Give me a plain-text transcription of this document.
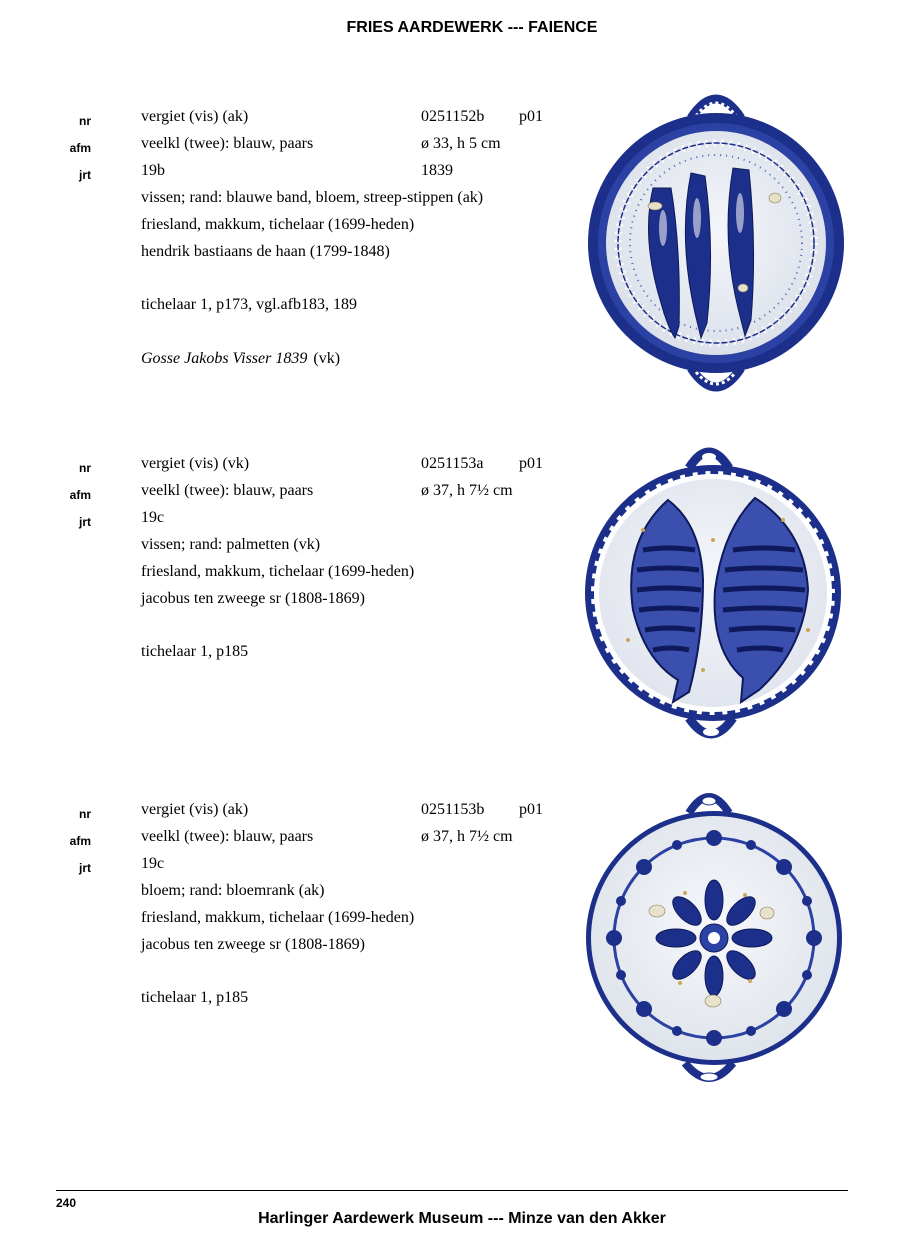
FRIES AARDEWERK --- FAIENCE
vergiet (vis) (ak)
nr	0251152b p01
veelkl (twee): blauw, paars
afm	ø 33, h 5 cm
19b
jrt	1839
vissen; rand: blauwe band, bloem, streep-stippen (ak)
friesland, makkum, tichelaar (1699-heden)
hendrik bastiaans de haan (1799-1848)
tichelaar 1, p173, vgl.afb183, 189
Gosse Jakobs Visser 1839 (vk)
vergiet (vis) (vk)
nr	0251153a p01
veelkl (twee): blauw, paars
afm	ø 37, h 7½ cm
19c
jrt
vissen; rand: palmetten (vk)
friesland, makkum, tichelaar (1699-heden)
jacobus ten zweege sr (1808-1869)
tichelaar 1, p185
vergiet (vis) (ak)
nr	0251153b p01
veelkl (twee): blauw, paars
afm	ø 37, h 7½ cm
19c
jrt
bloem; rand: bloemrank (ak)
friesland, makkum, tichelaar (1699-heden)
jacobus ten zweege sr (1808-1869)
tichelaar 1, p185
240
Harlinger Aardewerk Museum --- Minze van den Akker
